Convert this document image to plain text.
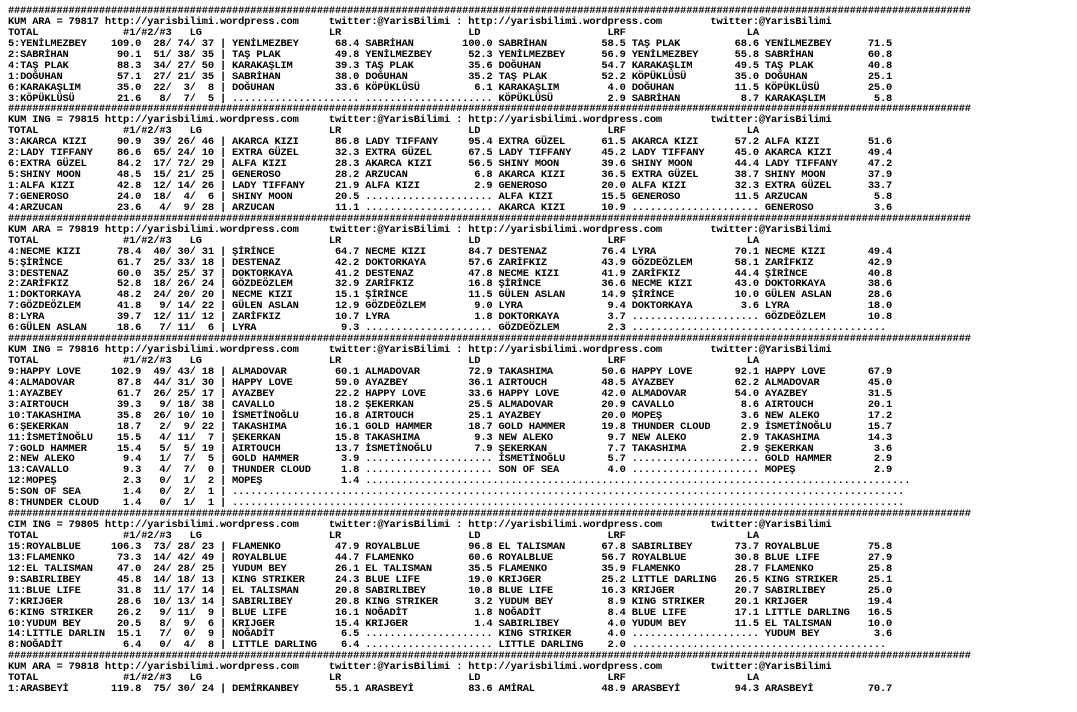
###############################################################################################################################################################
KUM ARA = 79817 http://yarisbilimi.wordpress.com     twitter:@YarisBilimi : http://yarisbilimi.wordpress.com        twitter:@YarisBilimi
TOTAL              #1/#2/#3   LG                     LR                     LD                     LRF                    LA
5:YENİLMEZBEY    109.0  28/ 74/ 37 | YENİLMEZBEY      68.4 SABRİHAN        100.0 SABRİHAN         58.5 TAŞ PLAK         68.6 YENİLMEZBEY      71.5
2:SABRİHAN        90.1  51/ 38/ 35 | TAŞ PLAK         49.8 YENİLMEZBEY      52.3 YENİLMEZBEY      56.9 YENİLMEZBEY      55.8 SABRİHAN         60.8
4:TAŞ PLAK        88.3  34/ 27/ 50 | KARAKAŞLIM       39.3 TAŞ PLAK         35.6 DOĞUHAN          54.7 KARAKAŞLIM       49.5 TAŞ PLAK         40.8
1:DOĞUHAN         57.1  27/ 21/ 35 | SABRİHAN         38.0 DOĞUHAN          35.2 TAŞ PLAK         52.2 KÖPÜKLÜSÜ        35.0 DOĞUHAN          25.1
6:KARAKAŞLIM      35.0  22/  3/  8 | DOĞUHAN          33.6 KÖPÜKLÜSÜ         6.1 KARAKAŞLIM        4.0 DOĞUHAN          11.5 KÖPÜKLÜSÜ        25.0
3:KÖPÜKLÜSÜ       21.6   8/  7/  5 | ..................... ..................... KÖPÜKLÜSÜ         2.9 SABRİHAN          8.7 KARAKAŞLIM        5.8
###############################################################################################################################################################
KUM ING = 79815 http://yarisbilimi.wordpress.com     twitter:@YarisBilimi : http://yarisbilimi.wordpress.com        twitter:@YarisBilimi
TOTAL              #1/#2/#3   LG                     LR                     LD                     LRF                    LA
3:AKARCA KIZI     90.9  39/ 26/ 46 | AKARCA KIZI      86.8 LADY TIFFANY     95.4 EXTRA GÜZEL      61.5 AKARCA KIZI      57.2 ALFA KIZI        51.6
2:LADY TIFFANY    86.6  65/ 24/ 10 | EXTRA GÜZEL      32.3 EXTRA GÜZEL      67.5 LADY TIFFANY     45.2 LADY TIFFANY     45.0 AKARCA KIZI      49.4
6:EXTRA GÜZEL     84.2  17/ 72/ 29 | ALFA KIZI        28.3 AKARCA KIZI      56.5 SHINY MOON       39.6 SHINY MOON       44.4 LADY TIFFANY     47.2
5:SHINY MOON      48.5  15/ 21/ 25 | GENEROSO         28.2 ARZUCAN           6.8 AKARCA KIZI      36.5 EXTRA GÜZEL      38.7 SHINY MOON       37.9
1:ALFA KIZI       42.8  12/ 14/ 26 | LADY TIFFANY     21.9 ALFA KIZI         2.9 GENEROSO         20.0 ALFA KIZI        32.3 EXTRA GÜZEL      33.7
7:GENEROSO        24.0  18/  4/  6 | SHINY MOON       20.5 ..................... ALFA KIZI        15.5 GENEROSO         11.5 ARZUCAN           5.8
4:ARZUCAN         23.6   4/  9/ 28 | ARZUCAN          11.1 ..................... AKARCA KIZI      10.9 ..................... GENEROSO          3.6
###############################################################################################################################################################
KUM ARA = 79819 http://yarisbilimi.wordpress.com     twitter:@YarisBilimi : http://yarisbilimi.wordpress.com        twitter:@YarisBilimi
TOTAL              #1/#2/#3   LG                     LR                     LD                     LRF                    LA
4:NECME KIZI      78.4  40/ 30/ 31 | ŞİRİNCE          64.7 NECME KIZI       84.7 DESTENAZ         76.4 LYRA             70.1 NECME KIZI       49.4
5:ŞİRİNCE         61.7  25/ 33/ 18 | DESTENAZ         42.2 DOKTORKAYA       57.6 ZARİFKIZ         43.9 GÖZDEÖZLEM       58.1 ZARİFKIZ         42.9
3:DESTENAZ        60.0  35/ 25/ 37 | DOKTORKAYA       41.2 DESTENAZ         47.8 NECME KIZI       41.9 ZARİFKIZ         44.4 ŞİRİNCE          40.8
2:ZARİFKIZ        52.8  18/ 26/ 24 | GÖZDEÖZLEM       32.9 ZARİFKIZ         16.8 ŞİRİNCE          36.6 NECME KIZI       43.0 DOKTORKAYA       38.6
1:DOKTORKAYA      48.2  24/ 20/ 20 | NECME KIZI       15.1 ŞİRİNCE          11.5 GÜLEN ASLAN      14.9 ŞİRİNCE          10.0 GÜLEN ASLAN      28.6
7:GÖZDEÖZLEM      41.8   9/ 14/ 22 | GÜLEN ASLAN      12.9 GÖZDEÖZLEM        9.0 LYRA              9.4 DOKTORKAYA        3.6 LYRA             18.0
8:LYRA            39.7  12/ 11/ 12 | ZARİFKIZ         10.7 LYRA              1.8 DOKTORKAYA        3.7 ..................... GÖZDEÖZLEM       10.8
6:GÜLEN ASLAN     18.6   7/ 11/  6 | LYRA              9.3 ..................... GÖZDEÖZLEM        2.3 ..........................................
###############################################################################################################################################################
KUM ING = 79816 http://yarisbilimi.wordpress.com     twitter:@YarisBilimi : http://yarisbilimi.wordpress.com        twitter:@YarisBilimi
TOTAL              #1/#2/#3   LG                     LR                     LD                     LRF                    LA
9:HAPPY LOVE     102.9  49/ 43/ 18 | ALMADOVAR        60.1 ALMADOVAR        72.9 TAKASHIMA        50.6 HAPPY LOVE       92.1 HAPPY LOVE       67.9
4:ALMADOVAR       87.8  44/ 31/ 30 | HAPPY LOVE       59.0 AYAZBEY          36.1 AIRTOUCH         48.5 AYAZBEY          62.2 ALMADOVAR        45.0
1:AYAZBEY         61.7  26/ 25/ 17 | AYAZBEY          22.2 HAPPY LOVE       33.6 HAPPY LOVE       42.0 ALMADOVAR        54.0 AYAZBEY          31.5
3:AIRTOUCH        39.3   9/ 18/ 38 | CAVALLO          18.2 ŞEKERKAN         25.5 ALMADOVAR        20.9 CAVALLO           8.6 AIRTOUCH         20.1
10:TAKASHIMA      35.8  26/ 10/ 10 | İSMETİNOĞLU      16.8 AIRTOUCH         25.1 AYAZBEY          20.0 MOPEŞ             3.6 NEW ALEKO        17.2
6:ŞEKERKAN        18.7   2/  9/ 22 | TAKASHIMA        16.1 GOLD HAMMER      18.7 GOLD HAMMER      19.8 THUNDER CLOUD     2.9 İSMETİNOĞLU      15.7
11:İSMETİNOĞLU    15.5   4/ 11/  7 | ŞEKERKAN         15.8 TAKASHIMA         9.3 NEW ALEKO         9.7 NEW ALEKO         2.9 TAKASHIMA        14.3
7:GOLD HAMMER     15.4   5/  5/ 19 | AIRTOUCH         13.7 İSMETİNOĞLU       7.9 ŞEKERKAN          7.7 TAKASHIMA         2.9 ŞEKERKAN          3.6
2:NEW ALEKO        9.4   1/  7/  5 | GOLD HAMMER       3.9 ..................... İSMETİNOĞLU       5.7 ..................... GOLD HAMMER       2.9
13:CAVALLO         9.3   4/  7/  0 | THUNDER CLOUD     1.8 ..................... SON OF SEA        4.0 ..................... MOPEŞ             2.9
12:MOPEŞ           2.3   0/  1/  2 | MOPEŞ             1.4 ..........................................................................................
5:SON OF SEA       1.4   0/  2/  1 | ...............................................................................................................
8:THUNDER CLOUD    1.4   0/  1/  1 | ...............................................................................................................
###############################################################################################################################################################
CIM ING = 79805 http://yarisbilimi.wordpress.com     twitter:@YarisBilimi : http://yarisbilimi.wordpress.com        twitter:@YarisBilimi
TOTAL              #1/#2/#3   LG                     LR                     LD                     LRF                    LA
15:ROYALBLUE     106.3  73/ 28/ 23 | FLAMENKO         47.9 ROYALBLUE        96.8 EL TALISMAN      67.8 SABIRLIBEY       73.7 ROYALBLUE        75.8
13:FLAMENKO       73.3  14/ 42/ 49 | ROYALBLUE        44.7 FLAMENKO         60.6 ROYALBLUE        56.7 ROYALBLUE        30.8 BLUE LIFE        27.9
12:EL TALISMAN    47.0  24/ 28/ 25 | YUDUM BEY        26.1 EL TALISMAN      35.5 FLAMENKO         35.9 FLAMENKO         28.7 FLAMENKO         25.8
9:SABIRLIBEY      45.8  14/ 18/ 13 | KING STRIKER     24.3 BLUE LIFE        19.0 KRIJGER          25.2 LITTLE DARLING   26.5 KING STRIKER     25.1
11:BLUE LIFE      31.8  11/ 17/ 14 | EL TALISMAN      20.8 SABIRLIBEY       10.8 BLUE LIFE        16.3 KRIJGER          20.7 SABIRLIBEY       25.0
7:KRIJGER         28.6  10/ 13/ 14 | SABIRLIBEY       20.8 KING STRIKER      3.2 YUDUM BEY         8.9 KING STRIKER     20.1 KRIJGER          19.4
6:KING STRIKER    26.2   9/ 11/  9 | BLUE LIFE        16.1 NOĞADİT           1.8 NOĞADİT           8.4 BLUE LIFE        17.1 LITTLE DARLING   16.5
10:YUDUM BEY      20.5   8/  9/  6 | KRIJGER          15.4 KRIJGER           1.4 SABIRLIBEY        4.0 YUDUM BEY        11.5 EL TALISMAN      10.0
14:LITTLE DARLIN  15.1   7/  0/  9 | NOĞADİT           6.5 ..................... KING STRIKER      4.0 ..................... YUDUM BEY         3.6
8:NOĞADİT          6.4   0/  4/  8 | LITTLE DARLING    6.4 ..................... LITTLE DARLING    2.0 ..........................................
###############################################################################################################################################################
KUM ARA = 79818 http://yarisbilimi.wordpress.com     twitter:@YarisBilimi : http://yarisbilimi.wordpress.com        twitter:@YarisBilimi
TOTAL              #1/#2/#3   LG                     LR                     LD                     LRF                    LA
1:ARASBEYİ       119.8  75/ 30/ 24 | DEMİRKANBEY      55.1 ARASBEYİ         83.6 AMİRAL           48.9 ARASBEYİ         94.3 ARASBEYİ         70.7
